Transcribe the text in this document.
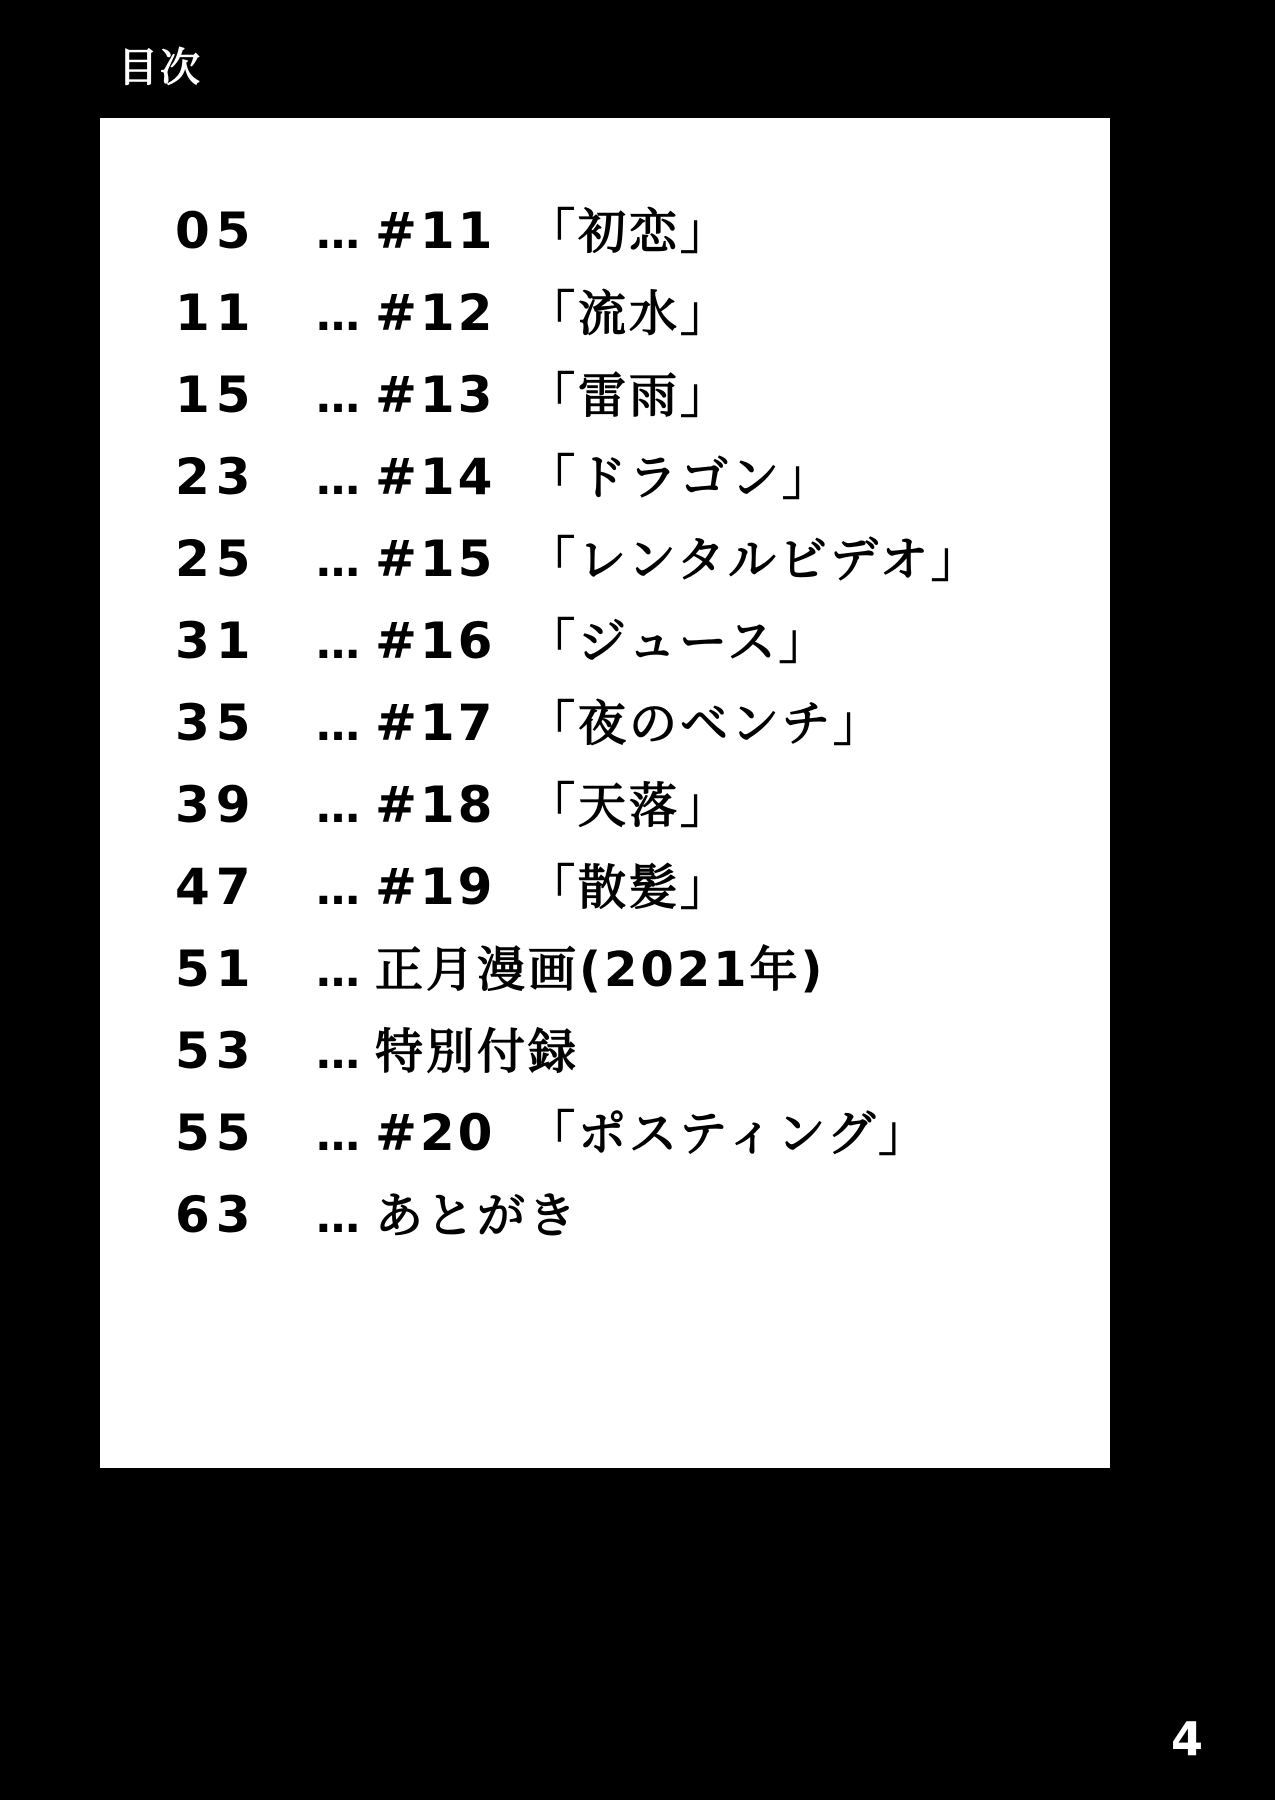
目次
05	… #11 「初恋」
11	… #12 「流水」
15	… #13 「雷雨」
23	… #14 「ドラゴン」
25	… #15 「レンタルビデオ」
31	… #16 「ジュース」
35	… #17 「夜のベンチ」
39	… #18 「天落」
47	… #19 「散髪」
51	… 正月漫画(2021年)
53	… 特別付録
55	… #20 「ポスティング」
63	… あとがき
4
